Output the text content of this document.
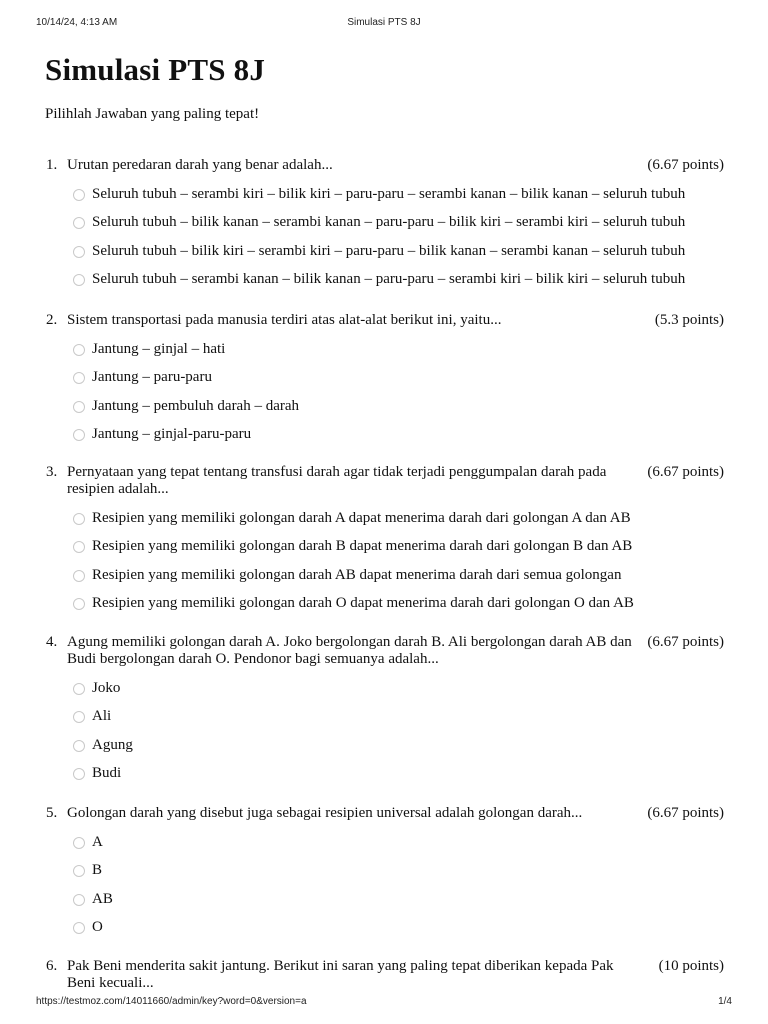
10/14/24, 4:13 AM	Simulasi PTS 8J
Simulasi PTS 8J
Pilihlah Jawaban yang paling tepat!
1. Urutan peredaran darah yang benar adalah...	(6.67 points)
Seluruh tubuh – serambi kiri – bilik kiri – paru-paru – serambi kanan – bilik kanan – seluruh tubuh
Seluruh tubuh – bilik kanan – serambi kanan – paru-paru – bilik kiri – serambi kiri – seluruh tubuh
Seluruh tubuh – bilik kiri – serambi kiri – paru-paru – bilik kanan – serambi kanan – seluruh tubuh
Seluruh tubuh – serambi kanan – bilik kanan – paru-paru – serambi kiri – bilik kiri – seluruh tubuh
2. Sistem transportasi pada manusia terdiri atas alat-alat berikut ini, yaitu...	(5.3 points)
Jantung – ginjal – hati
Jantung – paru-paru
Jantung – pembuluh darah – darah
Jantung – ginjal-paru-paru
3. Pernyataan yang tepat tentang transfusi darah agar tidak terjadi penggumpalan darah pada resipien adalah...
(6.67 points)
Resipien yang memiliki golongan darah A dapat menerima darah dari golongan A dan AB
Resipien yang memiliki golongan darah B dapat menerima darah dari golongan B dan AB
Resipien yang memiliki golongan darah AB dapat menerima darah dari semua golongan
Resipien yang memiliki golongan darah O dapat menerima darah dari golongan O dan AB
4. Agung memiliki golongan darah A. Joko bergolongan darah B. Ali bergolongan darah AB dan Budi bergolongan darah O. Pendonor bagi semuanya adalah...
(6.67 points)
Joko
Ali
Agung
Budi
5. Golongan darah yang disebut juga sebagai resipien universal adalah golongan darah...	(6.67 points)
A
B
AB
O
6. Pak Beni menderita sakit jantung. Berikut ini saran yang paling tepat diberikan kepada Pak Beni kecuali...
(10 points)
https://testmoz.com/14011660/admin/key?word=0&version=a	1/4
